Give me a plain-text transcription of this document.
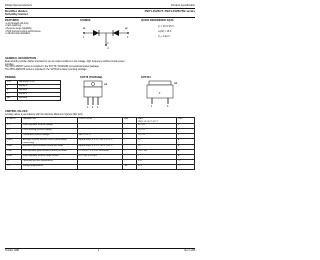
Philips Semiconductors	Product specification
Rectifier diodes
Schottky barrier
PBYL1525CT, PBYL1525CTB series
FEATURES
• Low forward volt drop
• Fast switching
• Reverse surge capability
• High thermal cycling performance
• Low thermal resistance
SYMBOL
a1	a2
k
1
2
3
QUICK REFERENCE DATA
V₂ = 20 V/ 25 V
I₀(AV) = 15 A
V₃ ≤ 0.42 V
GENERAL DESCRIPTION
Dual schottky rectifier diodes intended for use as output rectifiers in low voltage, high frequency switched mode power
supplies.
The PBYL1525CT series is supplied in the SOT78 (TO220AB) conventional leaded package.
The PBYL1525CTB series is supplied in the SOT404 surface mounting package.
PINNING
PIN	DESCRIPTION
1	anode 1
2	cathode
3	anode 2
tab	cathode
SOT78 (TO220AB)
tab
1	2	3
SOT404
tab
2
1	3
LIMITING VALUES
Limiting values in accordance with the Absolute Maximum System (IEC 134)
SYMBOL	PARAMETER	CONDITIONS	MIN.	MAX.
PBYL15 20CT 25CT	UNIT
V₇₇₈	Peak repetitive reverse voltage		-	20 / 25	V
V₇₈	Crest working reverse voltage		-	20 / 25	V
V₈	Continuous reverse voltage	Tₘₐ ≤ 125 °C	-	20 / 25	V
I₀(AV)	Average rectified forward current (both diodes conducting)	square wave; δ = 0.5; Tₘₐ ≤ 133 °C	-	15	A
I₀RM	Repetitive peak forward current per diode	square wave; δ = 0.5; Tₘₐ ≤ 133 °C	-	15	A
I₀SM	Non-repetitive peak forward current per diode	t = 10 ms; t = 8.3 ms sinusoidal	-	150 / 165	A
I₈RM	Peak repetitive reverse surge current	tₚ = 2 µs; δ = 0.001	-	1	A
Tⱼ	Operating junction temperature		-	150	°C
Tₛₜ₉	Storage temperature		-65	175	°C
October 1998	1	Rev 1.200
